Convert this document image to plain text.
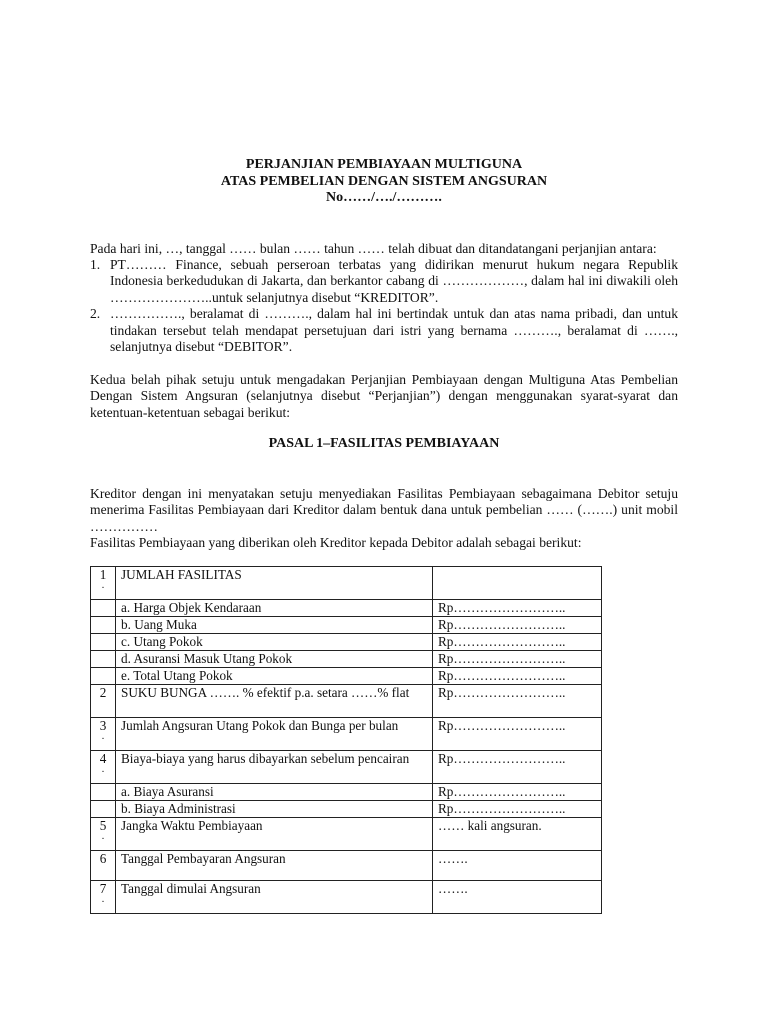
PERJANJIAN PEMBIAYAAN MULTIGUNA
ATAS PEMBELIAN DENGAN SISTEM ANGSURAN
No……/…./……….
Pada hari ini, …, tanggal …… bulan …… tahun …… telah dibuat dan ditandatangani perjanjian antara:
1. PT……… Finance, sebuah perseroan terbatas yang didirikan menurut hukum negara Republik Indonesia berkedudukan di Jakarta, dan berkantor cabang di ………………, dalam hal ini diwakili oleh …………………..untuk selanjutnya disebut “KREDITOR”.
2. ……………., beralamat di ………., dalam hal ini bertindak untuk dan atas nama pribadi, dan untuk tindakan tersebut telah mendapat persetujuan dari istri yang bernama ………., beralamat di ……., selanjutnya disebut “DEBITOR”.
Kedua belah pihak setuju untuk mengadakan Perjanjian Pembiayaan dengan Multiguna Atas Pembelian Dengan Sistem Angsuran (selanjutnya disebut “Perjanjian”) dengan menggunakan syarat-syarat dan ketentuan-ketentuan sebagai berikut:
PASAL 1–FASILITAS PEMBIAYAAN
Kreditor dengan ini menyatakan setuju menyediakan Fasilitas Pembiayaan sebagaimana Debitor setuju menerima Fasilitas Pembiayaan dari Kreditor dalam bentuk dana untuk pembelian …… (…….) unit mobil ……………
Fasilitas Pembiayaan yang diberikan oleh Kreditor kepada Debitor adalah sebagai berikut:
1
.	JUMLAH FASILITAS	

	a. Harga Objek Kendaraan	Rp……………………..

	b. Uang Muka	Rp……………………..

	c. Utang Pokok	Rp……………………..

	d. Asuransi Masuk Utang Pokok	Rp……………………..

	e. Total Utang Pokok	Rp……………………..
2	SUKU BUNGA ……. % efektif p.a. setara ……% flat	Rp……………………..
3
.	Jumlah Angsuran Utang Pokok dan Bunga per bulan	Rp……………………..
4
.	Biaya-biaya yang harus dibayarkan sebelum pencairan	Rp……………………..

	a. Biaya Asuransi	Rp……………………..

	b. Biaya Administrasi	Rp……………………..
5
.	Jangka Waktu Pembiayaan	…… kali angsuran.
6	Tanggal Pembayaran Angsuran	…….
7
.	Tanggal dimulai Angsuran	…….
